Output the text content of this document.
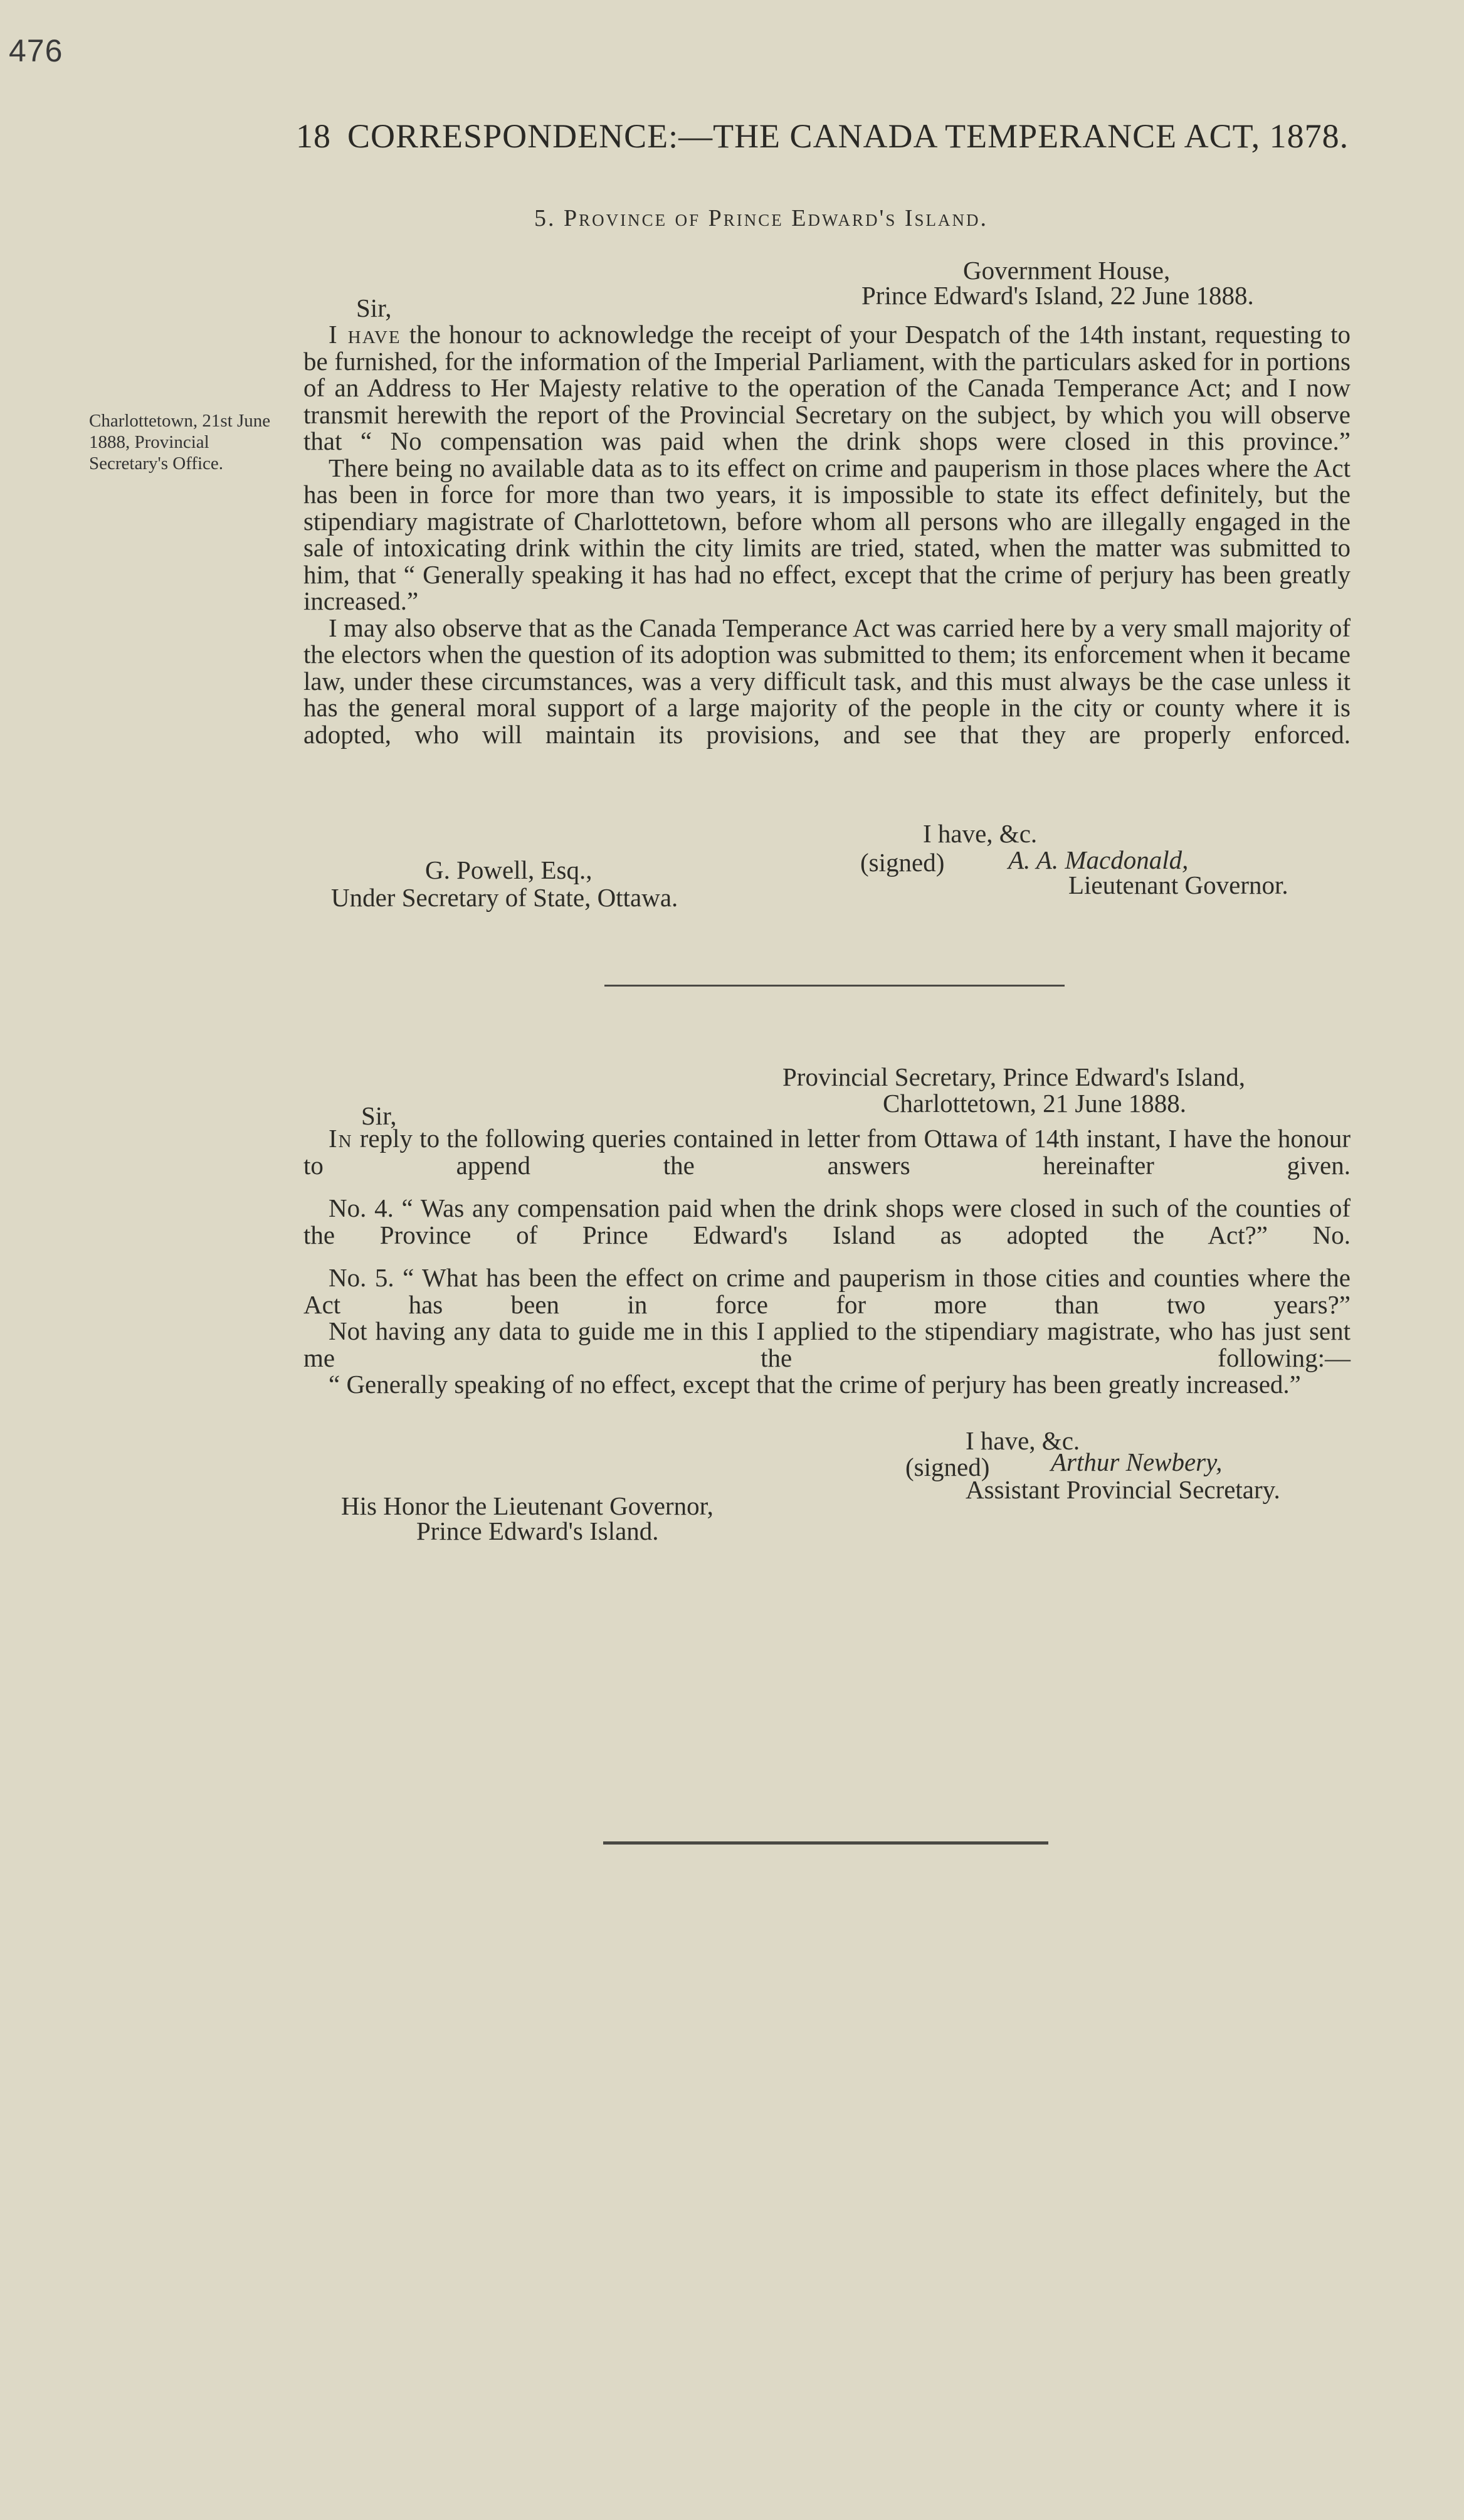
476
18 CORRESPONDENCE:—THE CANADA TEMPERANCE ACT, 1878.
5. Province of Prince Edward's Island.
Charlottetown, 21st June 1888, Provincial Secretary's Office.
Government House,
Prince Edward's Island, 22 June 1888.
Sir,

I have the honour to acknowledge the receipt of your Despatch of the 14th instant, requesting to be furnished, for the information of the Imperial Parliament, with the particulars asked for in portions of an Address to Her Majesty relative to the operation of the Canada Temperance Act; and I now transmit herewith the report of the Provincial Secretary on the subject, by which you will observe that “ No compensation was paid when the drink shops were closed in this province.”

There being no available data as to its effect on crime and pauperism in those places where the Act has been in force for more than two years, it is impossible to state its effect definitely, but the stipendiary magistrate of Charlottetown, before whom all persons who are illegally engaged in the sale of intoxicating drink within the city limits are tried, stated, when the matter was submitted to him, that “ Generally speaking it has had no effect, except that the crime of perjury has been greatly increased.”

I may also observe that as the Canada Temperance Act was carried here by a very small majority of the electors when the question of its adoption was submitted to them; its enforcement when it became law, under these circumstances, was a very difficult task, and this must always be the case unless it has the general moral support of a large majority of the people in the city or county where it is adopted, who will maintain its provisions, and see that they are properly enforced.

I have, &c.
(signed) A. A. Macdonald,
Lieutenant Governor.
G. Powell, Esq.,
Under Secretary of State, Ottawa.
Provincial Secretary, Prince Edward's Island,
Charlottetown, 21 June 1888.
Sir,

In reply to the following queries contained in letter from Ottawa of 14th instant, I have the honour to append the answers hereinafter given.

No. 4. “ Was any compensation paid when the drink shops were closed in such of the counties of the Province of Prince Edward's Island as adopted the Act?” No.

No. 5. “ What has been the effect on crime and pauperism in those cities and counties where the Act has been in force for more than two years?”

Not having any data to guide me in this I applied to the stipendiary magistrate, who has just sent me the following:—

“ Generally speaking of no effect, except that the crime of perjury has been greatly increased.”

I have, &c.
(signed) Arthur Newbery,
Assistant Provincial Secretary.
His Honor the Lieutenant Governor,
Prince Edward's Island.
